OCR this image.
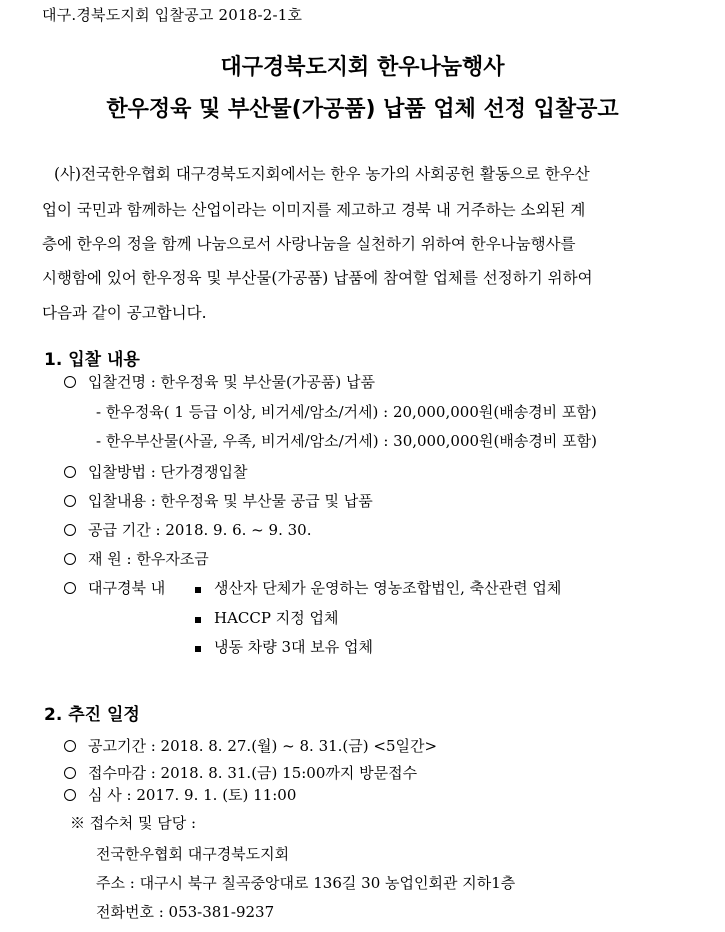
대구.경북도지회 입찰공고 2018-2-1호
대구경북도지회 한우나눔행사
한우정육 및 부산물(가공품) 납품 업체 선정 입찰공고
(사)전국한우협회 대구경북도지회에서는 한우 농가의 사회공헌 활동으로 한우산
업이 국민과 함께하는 산업이라는 이미지를 제고하고 경북 내 거주하는 소외된 계
층에 한우의 정을 함께 나눔으로서 사랑나눔을 실천하기 위하여 한우나눔행사를
시행함에 있어 한우정육 및 부산물(가공품) 납품에 참여할 업체를 선정하기 위하여
다음과 같이 공고합니다.
1. 입찰 내용
입찰건명 : 한우정육 및 부산물(가공품) 납품
- 한우정육( 1 등급 이상, 비거세/암소/거세) : 20,000,000원(배송경비 포함)
- 한우부산물(사골, 우족, 비거세/암소/거세) : 30,000,000원(배송경비 포함)
입찰방법 : 단가경쟁입찰
입찰내용 : 한우정육 및 부산물 공급 및 납품
공급 기간 : 2018. 9. 6. ~ 9. 30.
재 원 : 한우자조금
대구경북 내	생산자 단체가 운영하는 영농조합법인, 축산관련 업체
HACCP 지정 업체
냉동 차량 3대 보유 업체
2. 추진 일정
공고기간 : 2018. 8. 27.(월) ~ 8. 31.(금) <5일간>
접수마감 : 2018. 8. 31.(금) 15:00까지 방문접수
심 사 : 2017. 9. 1. (토) 11:00
※ 접수처 및 담당 :
전국한우협회 대구경북도지회
주소 : 대구시 북구 칠곡중앙대로 136길 30 농업인회관 지하1층
전화번호 : 053-381-9237
